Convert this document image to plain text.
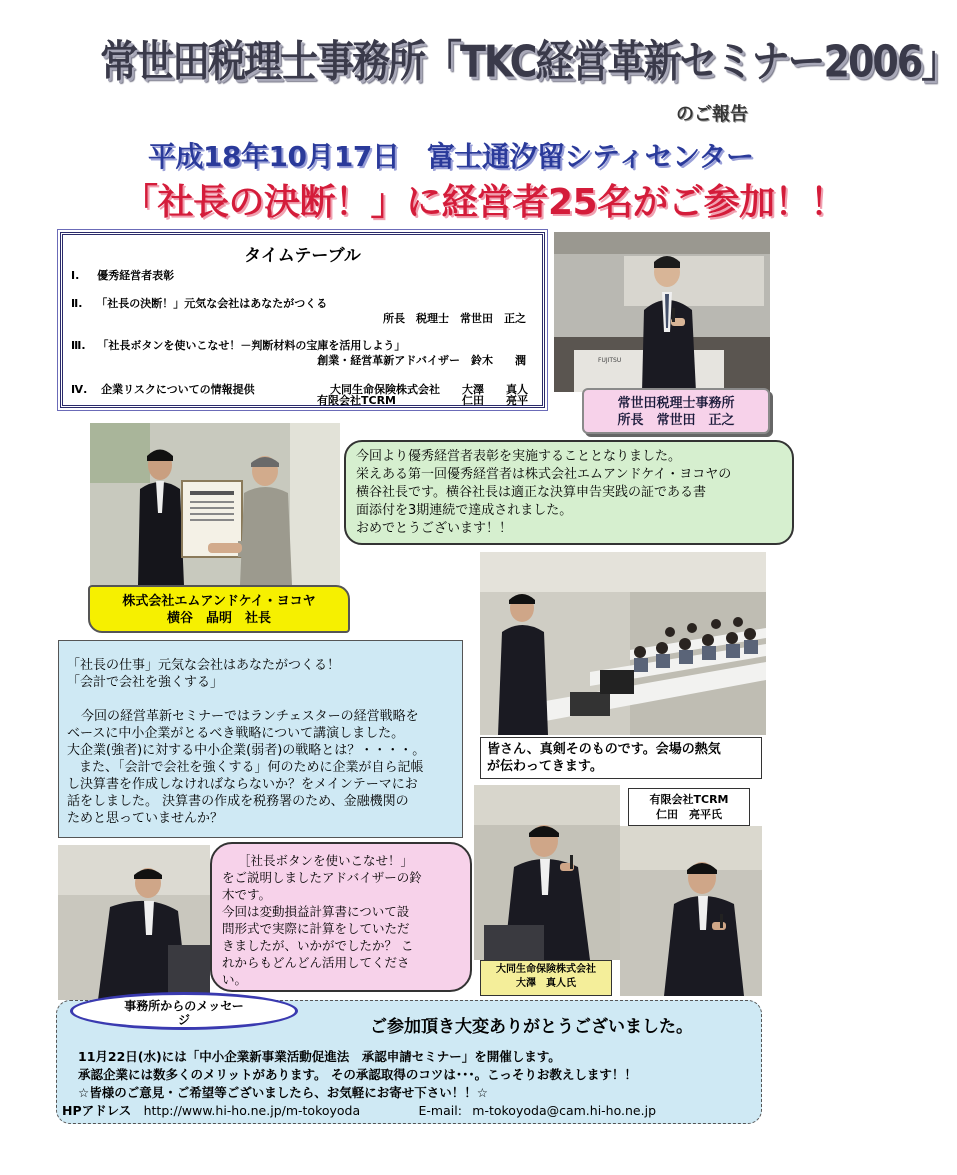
常世田税理士事務所「TKC経営革新セミナー2006」
のご報告
平成18年10月17日　富士通汐留シティセンター
「社長の決断！」に経営者25名がご参加！！
タイムテーブル
Ⅰ. 優秀経営者表彰
Ⅱ. 「社長の決断！」元気な会社はあなたがつくる
所長　税理士　常世田　正之
Ⅲ. 「社長ボタンを使いこなせ！－判断材料の宝庫を活用しよう」
創業・経営革新アドバイザー　鈴木　　潤
Ⅳ. 企業リスクについての情報提供	大同生命保険株式会社　　大澤　　真人
有限会社TCRM　　　　　　仁田　　亮平
FUJITSU
常世田税理士事務所
所長　常世田　正之
今回より優秀経営者表彰を実施することとなりました。
栄えある第一回優秀経営者は株式会社エムアンドケイ・ヨコヤの
横谷社長です。横谷社長は適正な決算申告実践の証である書
面添付を3期連続で達成されました。
おめでとうございます！！
株式会社エムアンドケイ・ヨコヤ
横谷　晶明　社長
皆さん、真剣そのものです。会場の熱気
が伝わってきます。
「社長の仕事」元気な会社はあなたがつくる！
「会計で会社を強くする」
今回の経営革新セミナーではランチェスターの経営戦略を
ベースに中小企業がとるべき戦略について講演しました。
大企業(強者)に対する中小企業(弱者)の戦略とは？・・・・。
また、「会計で会社を強くする」何のために企業が自ら記帳
し決算書を作成しなければならないか？をメインテーマにお
話をしました。 決算書の作成を税務署のため、金融機関の
ためと思っていませんか？
［社長ボタンを使いこなせ！」
をご説明しましたアドバイザーの鈴
木です。
今回は変動損益計算書について設
問形式で実際に計算をしていただ
きましたが、いかがでしたか？ こ
れからもどんどん活用してくださ
い。
有限会社TCRM
仁田　亮平氏
大同生命保険株式会社
大澤　真人氏
事務所からのメッセー
ジ	ご参加頂き大変ありがとうございました。
11月22日(水)には「中小企業新事業活動促進法　承認申請セミナー」を開催します。
承認企業には数多くのメリットがあります。 その承認取得のコツは･･･。こっそりお教えします！！
☆皆様のご意見・ご希望等ございましたら、お気軽にお寄せ下さい！！☆
HPアドレス http://www.hi-ho.ne.jp/m-tokoyoda	E-mail: m-tokoyoda@cam.hi-ho.ne.jp
